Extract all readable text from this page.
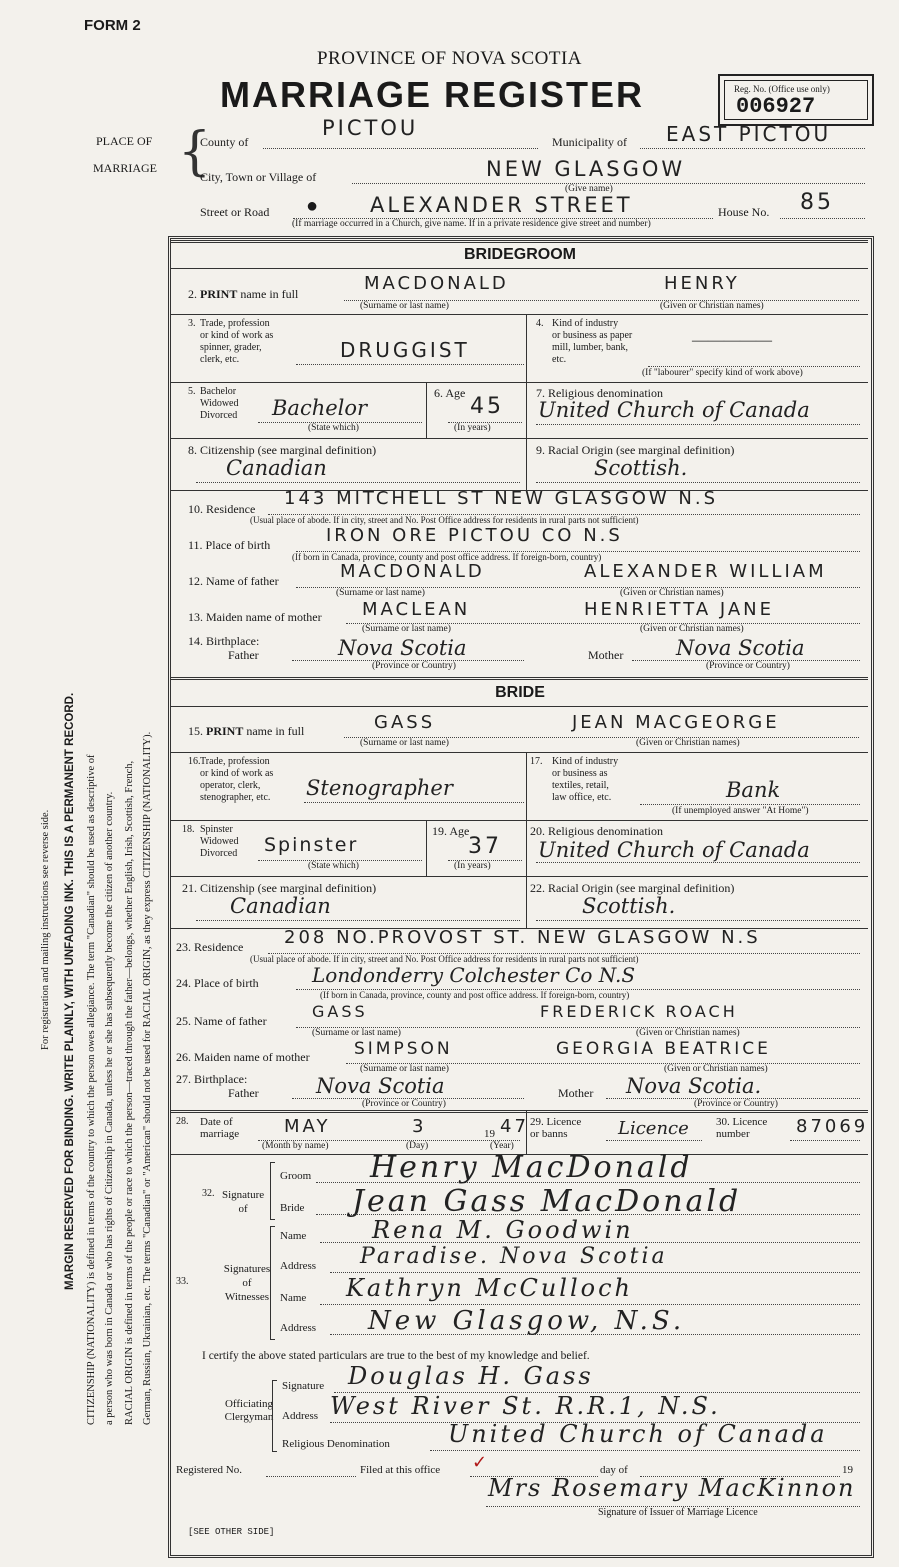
FORM 2
PROVINCE OF NOVA SCOTIA
MARRIAGE REGISTER	Reg. No. (Office use only)
006927
PLACE OF
MARRIAGE {
County of
PICTOU
Municipality of EAST PICTOU
City, Town or Village of	NEW GLASGOW
(Give name)
Street or Road ● ALEXANDER STREET	House No. 85
(If marriage occurred in a Church, give name. If in a private residence give street and number)
For registration and mailing instructions see reverse side. MARGIN RESERVED FOR BINDING. WRITE PLAINLY, WITH UNFADING INK. THIS IS A PERMANENT RECORD. CITIZENSHIP (NATIONALITY) is defined in terms of the country to which the person owes allegiance. The term "Canadian" should be used as descriptive of a person who was born in Canada or who has rights of Citizenship in Canada, unless he or she has subsequently become the citizen of another country. RACIAL ORIGIN is defined in terms of the people or race to which the person—traced through the father—belongs, whether English, Irish, Scottish, French, German, Russian, Ukrainian, etc. The terms "Canadian" or "American" should not be used for RACIAL ORIGIN, as they express CITIZENSHIP (NATIONALITY).
BRIDEGROOM
2. PRINT name in full	MACDONALD	HENRY
(Surname or last name)	(Given or Christian names)
3. Trade, profession
or kind of work as
spinner, grader,
clerk, etc.	DRUGGIST
4. Kind of industry
or business as paper
mill, lumber, bank,
etc.
—————
(If "labourer" specify kind of work above)
5. Bachelor
Widowed
Divorced Bachelor
(State which)
6. Age
45
(In years)
7. Religious denomination
United Church of Canada
8. Citizenship (see marginal definition)
Canadian
9. Racial Origin (see marginal definition)
Scottish.
10. Residence 143 MITCHELL ST NEW GLASGOW N.S
(Usual place of abode. If in city, street and No. Post Office address for residents in rural parts not sufficient)
11. Place of birth	IRON ORE PICTOU CO N.S
(If born in Canada, province, county and post office address. If foreign-born, country)
12. Name of father	MACDONALD	ALEXANDER WILLIAM
(Surname or last name)	(Given or Christian names)
13. Maiden name of mother MACLEAN	HENRIETTA JANE
(Surname or last name)	(Given or Christian names)
14. Birthplace:
Father	Nova Scotia
(Province or Country)
Mother	Nova Scotia
(Province or Country)
BRIDE
15. PRINT name in full	GASS	JEAN MACGEORGE
(Surname or last name)	(Given or Christian names)
16. Trade, profession
or kind of work as
operator, clerk,
stenographer, etc. Stenographer
17. Kind of industry
or business as
textiles, retail,
law office, etc.	Bank
(If unemployed answer "At Home")
18. Spinster
Widowed
Divorced Spinster
(State which)
19. Age
37
(In years)
20. Religious denomination
United Church of Canada
21. Citizenship (see marginal definition)
Canadian
22. Racial Origin (see marginal definition)
Scottish.
23. Residence 208 NO.PROVOST ST. NEW GLASGOW N.S
(Usual place of abode. If in city, street and No. Post Office address for residents in rural parts not sufficient)
24. Place of birth	Londonderry Colchester Co N.S
(If born in Canada, province, county and post office address. If foreign-born, country)
25. Name of father	GASS	FREDERICK ROACH
(Surname or last name)	(Given or Christian names)
26. Maiden name of mother	SIMPSON	GEORGIA BEATRICE
(Surname or last name)	(Given or Christian names)
27. Birthplace:
Father	Nova Scotia
(Province or Country)
Mother Nova Scotia.
(Province or Country)
28. Date of
marriage MAY	3	19 47
(Month by name)	(Day)	(Year)
29. Licence
or banns	Licence 30. Licence
number	87069
32. Signature
of
Groom Henry MacDonald
Bride Jean Gass MacDonald
33.
Signatures
of
Witnesses
Name	Rena M. Goodwin
Address Paradise. Nova Scotia
Name Kathryn McCulloch
Address New Glasgow, N.S.
I certify the above stated particulars are true to the best of my knowledge and belief.
Officiating
Clergyman
Signature Douglas H. Gass
Address West River St. R.R.1, N.S.
Religious Denomination United Church of Canada
Registered No.	Filed at this office ✓	day of	19
Mrs Rosemary MacKinnon
Signature of Issuer of Marriage Licence
[SEE OTHER SIDE]
